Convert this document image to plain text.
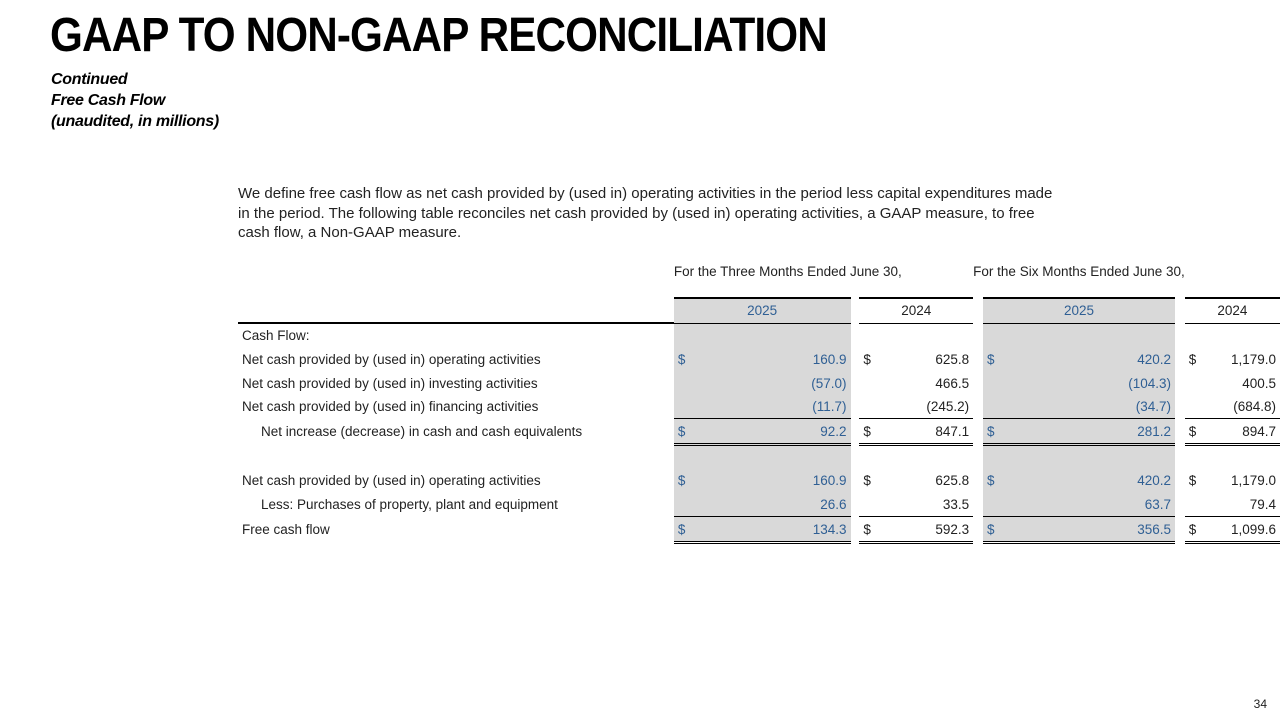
GAAP TO NON-GAAP RECONCILIATION
Continued
Free Cash Flow
(unaudited, in millions)
We define free cash flow as net cash provided by (used in) operating activities in the period less capital expenditures made in the period. The following table reconciles net cash provided by (used in) operating activities, a GAAP measure, to free cash flow, a Non-GAAP measure.
	For the Three Months Ended June 30,					For the Six Months Ended June 30,					
	2025			2024			2025			2024	
Cash Flow:											
Net cash provided by (used in) operating activities	$	160.9		$	625.8		$	420.2		$	1,179.0
Net cash provided by (used in) investing activities		(57.0)			466.5			(104.3)			400.5
Net cash provided by (used in) financing activities		(11.7)			(245.2)			(34.7)			(684.8)
Net increase (decrease) in cash and cash equivalents	$	92.2		$	847.1		$	281.2		$	894.7

Net cash provided by (used in) operating activities	$	160.9		$	625.8		$	420.2		$	1,179.0
Less: Purchases of property, plant and equipment		26.6			33.5			63.7			79.4
Free cash flow	$	134.3		$	592.3		$	356.5		$	1,099.6
34
